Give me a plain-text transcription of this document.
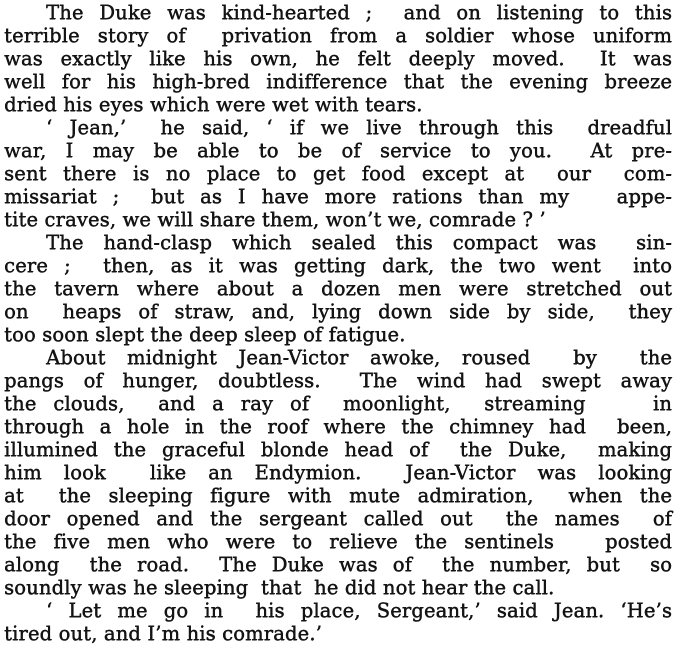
The Duke was kind-hearted ;  and on listening to this
terrible story of  privation from a soldier whose uniform
was exactly like his own, he felt deeply moved.  It was
well for his high-bred indifference that the evening breeze
dried his eyes which were wet with tears.
‘ Jean,’  he said, ‘ if we live through this  dreadful
war, I may be able to be of service to you.  At pre-
sent there is no place to get food except at  our  com-
missariat ;  but as I have more rations than my   appe-
tite craves, we will share them, won’t we, comrade ? ’
The hand-clasp which sealed this compact was  sin-
cere ;  then, as it was getting dark, the two went  into
the tavern where about a dozen men were stretched out
on  heaps of straw, and, lying down side by side,  they
too soon slept the deep sleep of fatigue.
About midnight Jean-Victor awoke, roused  by  the
pangs of hunger, doubtless.  The wind had swept away
the clouds,  and a ray of  moonlight,  streaming    in
through a hole in the roof where the chimney had  been,
illumined the graceful blonde head of  the Duke,  making
him look  like an Endymion.  Jean-Victor was looking
at  the sleeping figure with mute admiration,  when the
door opened and the sergeant called out  the names  of
the five men who were to relieve the sentinels   posted
along  the road.  The Duke was of  the number, but  so
soundly was he sleeping  that  he did not hear the call.
‘ Let me go in  his place, Sergeant,’ said Jean. ‘He’s
tired out, and I’m his comrade.’
